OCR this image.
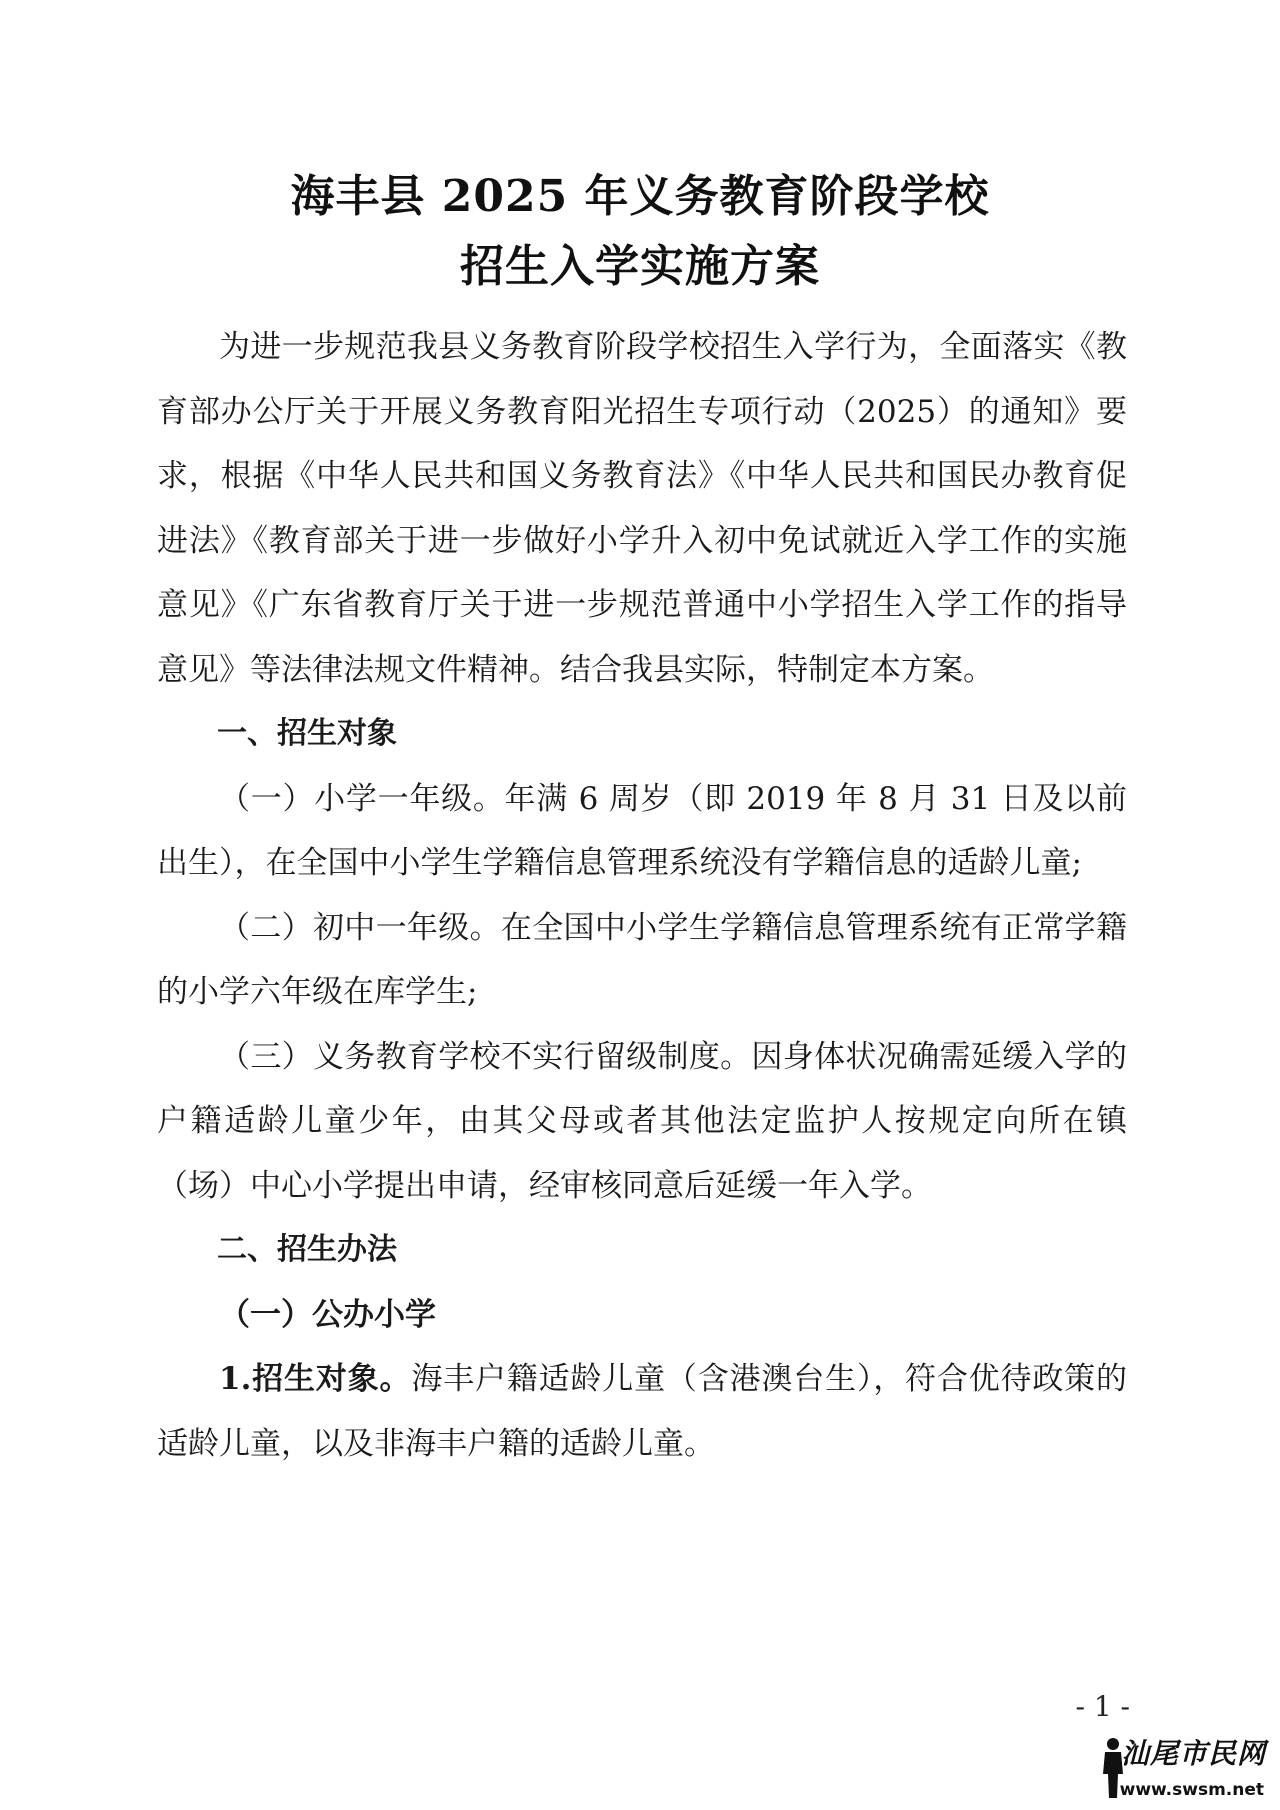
海丰县 2025 年义务教育阶段学校
招生入学实施方案

为进一步规范我县义务教育阶段学校招生入学行为，全面落实《教育部办公厅关于开展义务教育阳光招生专项行动（2025）的通知》要求，根据《中华人民共和国义务教育法》《中华人民共和国民办教育促进法》《教育部关于进一步做好小学升入初中免试就近入学工作的实施意见》《广东省教育厅关于进一步规范普通中小学招生入学工作的指导意见》等法律法规文件精神。结合我县实际，特制定本方案。

一、招生对象

（一）小学一年级。年满 6 周岁（即 2019 年 8 月 31 日及以前出生），在全国中小学生学籍信息管理系统没有学籍信息的适龄儿童;

（二）初中一年级。在全国中小学生学籍信息管理系统有正常学籍的小学六年级在库学生;

（三）义务教育学校不实行留级制度。因身体状况确需延缓入学的户籍适龄儿童少年，由其父母或者其他法定监护人按规定向所在镇（场）中心小学提出申请，经审核同意后延缓一年入学。

二、招生办法

（一）公办小学

1.招生对象。海丰户籍适龄儿童（含港澳台生），符合优待政策的适龄儿童，以及非海丰户籍的适龄儿童。

- 1 -
汕尾市民网
www.swsm.net
